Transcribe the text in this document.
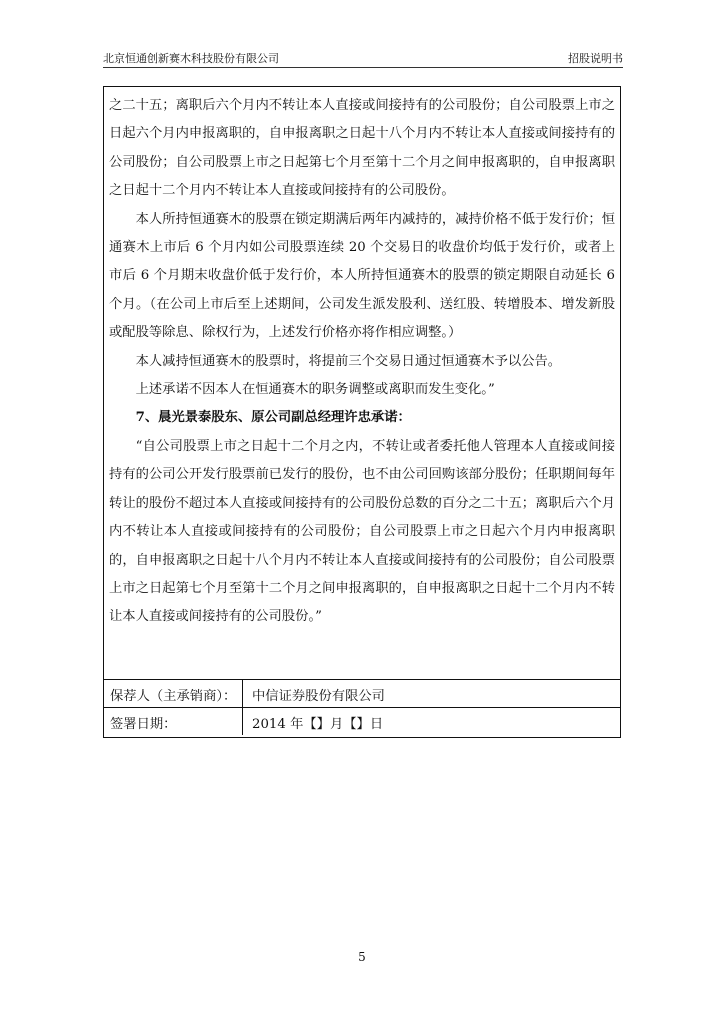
北京恒通创新赛木科技股份有限公司	招股说明书

之二十五；离职后六个月内不转让本人直接或间接持有的公司股份；自公司股票上市之日起六个月内申报离职的，自申报离职之日起十八个月内不转让本人直接或间接持有的公司股份；自公司股票上市之日起第七个月至第十二个月之间申报离职的，自申报离职之日起十二个月内不转让本人直接或间接持有的公司股份。

本人所持恒通赛木的股票在锁定期满后两年内减持的，减持价格不低于发行价；恒通赛木上市后 6 个月内如公司股票连续 20 个交易日的收盘价均低于发行价，或者上市后 6 个月期末收盘价低于发行价，本人所持恒通赛木的股票的锁定期限自动延长 6 个月。（在公司上市后至上述期间，公司发生派发股利、送红股、转增股本、增发新股或配股等除息、除权行为，上述发行价格亦将作相应调整。）

本人减持恒通赛木的股票时，将提前三个交易日通过恒通赛木予以公告。

上述承诺不因本人在恒通赛木的职务调整或离职而发生变化。”

7、晨光景泰股东、原公司副总经理许忠承诺：

“自公司股票上市之日起十二个月之内，不转让或者委托他人管理本人直接或间接持有的公司公开发行股票前已发行的股份，也不由公司回购该部分股份；任职期间每年转让的股份不超过本人直接或间接持有的公司股份总数的百分之二十五；离职后六个月内不转让本人直接或间接持有的公司股份；自公司股票上市之日起六个月内申报离职的，自申报离职之日起十八个月内不转让本人直接或间接持有的公司股份；自公司股票上市之日起第七个月至第十二个月之间申报离职的，自申报离职之日起十二个月内不转让本人直接或间接持有的公司股份。”

保荐人（主承销商）： 中信证券股份有限公司
签署日期：	2014 年【】月【】日
5
